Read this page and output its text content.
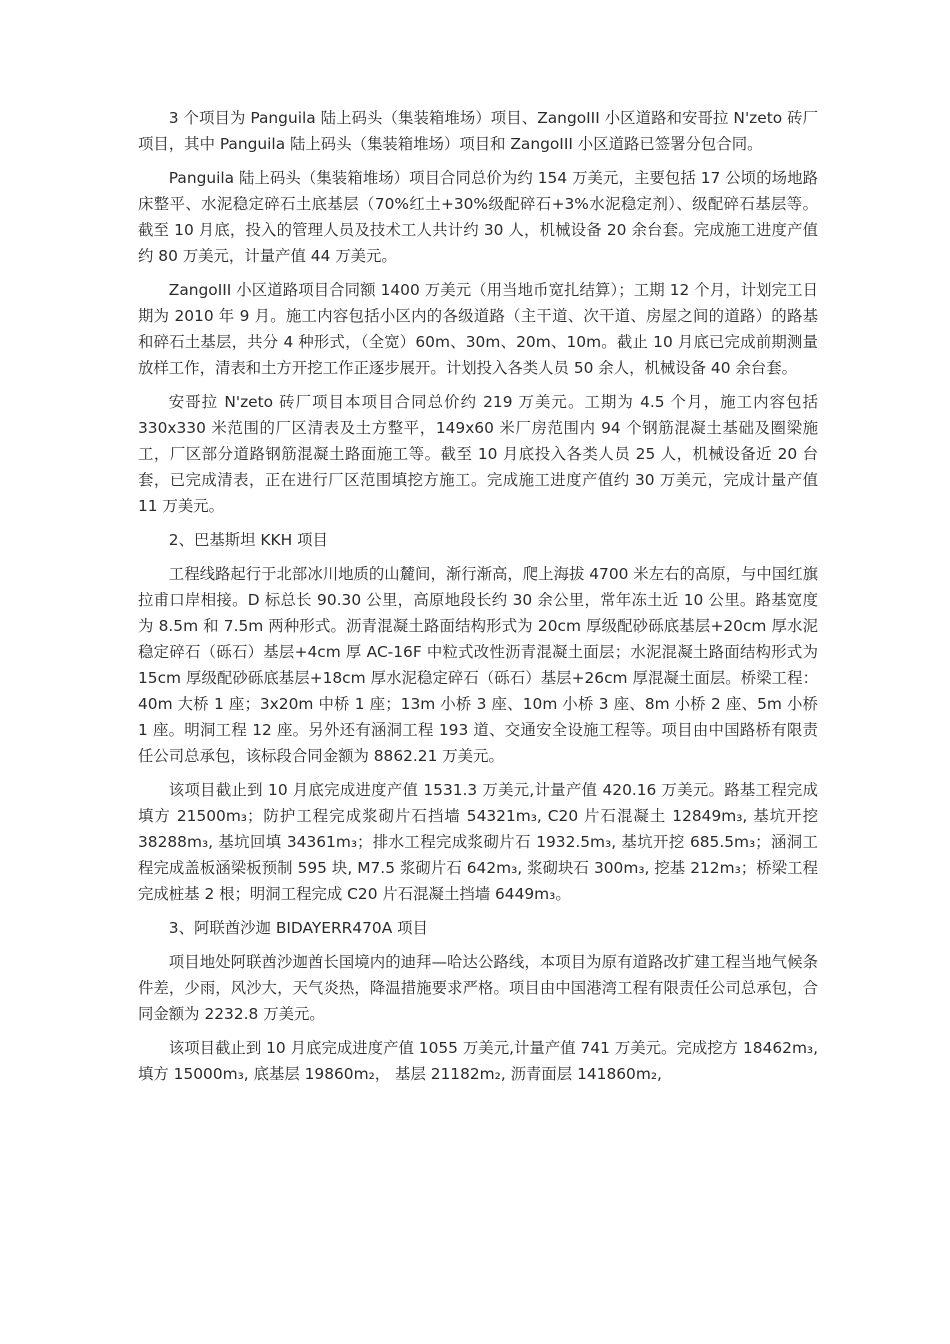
3 个项目为 Panguila 陆上码头（集装箱堆场）项目、ZangoIII 小区道路和安哥拉 N'zeto 砖厂项目，其中 Panguila 陆上码头（集装箱堆场）项目和 ZangoIII 小区道路已签署分包合同。

Panguila 陆上码头（集装箱堆场）项目合同总价为约 154 万美元，主要包括 17 公顷的场地路床整平、水泥稳定碎石土底基层（70%红土+30%级配碎石+3%水泥稳定剂）、级配碎石基层等。截至 10 月底，投入的管理人员及技术工人共计约 30 人，机械设备 20 余台套。完成施工进度产值约 80 万美元，计量产值 44 万美元。

ZangoIII 小区道路项目合同额 1400 万美元（用当地币宽扎结算）；工期 12 个月，计划完工日期为 2010 年 9 月。施工内容包括小区内的各级道路（主干道、次干道、房屋之间的道路）的路基和碎石土基层，共分 4 种形式，（全宽）60m、30m、20m、10m。截止 10 月底已完成前期测量放样工作，清表和土方开挖工作正逐步展开。计划投入各类人员 50 余人，机械设备 40 余台套。

安哥拉 N'zeto 砖厂项目本项目合同总价约 219 万美元。工期为 4.5 个月，施工内容包括 330x330 米范围的厂区清表及土方整平，149x60 米厂房范围内 94 个钢筋混凝土基础及圈梁施工，厂区部分道路钢筋混凝土路面施工等。截至 10 月底投入各类人员 25 人，机械设备近 20 台套，已完成清表，正在进行厂区范围填挖方施工。完成施工进度产值约 30 万美元，完成计量产值 11 万美元。

2、巴基斯坦 KKH 项目

工程线路起行于北部冰川地质的山麓间，渐行渐高，爬上海拔 4700 米左右的高原，与中国红旗拉甫口岸相接。D 标总长 90.30 公里，高原地段长约 30 余公里，常年冻土近 10 公里。路基宽度为 8.5m 和 7.5m 两种形式。沥青混凝土路面结构形式为 20cm 厚级配砂砾底基层+20cm 厚水泥稳定碎石（砾石）基层+4cm 厚 AC-16F 中粒式改性沥青混凝土面层；水泥混凝土路面结构形式为 15cm 厚级配砂砾底基层+18cm 厚水泥稳定碎石（砾石）基层+26cm 厚混凝土面层。桥梁工程：40m 大桥 1 座；3x20m 中桥 1 座；13m 小桥 3 座、10m 小桥 3 座、8m 小桥 2 座、5m 小桥 1 座。明洞工程 12 座。另外还有涵洞工程 193 道、交通安全设施工程等。项目由中国路桥有限责任公司总承包，该标段合同金额为 8862.21 万美元。

该项目截止到 10 月底完成进度产值 1531.3 万美元,计量产值 420.16 万美元。路基工程完成填方 21500m₃；防护工程完成浆砌片石挡墙 54321m₃, C20 片石混凝土 12849m₃, 基坑开挖 38288m₃, 基坑回填 34361m₃；排水工程完成浆砌片石 1932.5m₃, 基坑开挖 685.5m₃；涵洞工程完成盖板涵梁板预制 595 块, M7.5 浆砌片石 642m₃, 浆砌块石 300m₃, 挖基 212m₃；桥梁工程完成桩基 2 根；明洞工程完成 C20 片石混凝土挡墙 6449m₃。

3、阿联酋沙迦 BIDAYERR470A 项目

项目地处阿联酋沙迦酋长国境内的迪拜—哈达公路线，本项目为原有道路改扩建工程当地气候条件差，少雨，风沙大，天气炎热，降温措施要求严格。项目由中国港湾工程有限责任公司总承包，合同金额为 2232.8 万美元。

该项目截止到 10 月底完成进度产值 1055 万美元,计量产值 741 万美元。完成挖方 18462m₃,填方 15000m₃, 底基层 19860m₂， 基层 21182m₂, 沥青面层 141860m₂,
